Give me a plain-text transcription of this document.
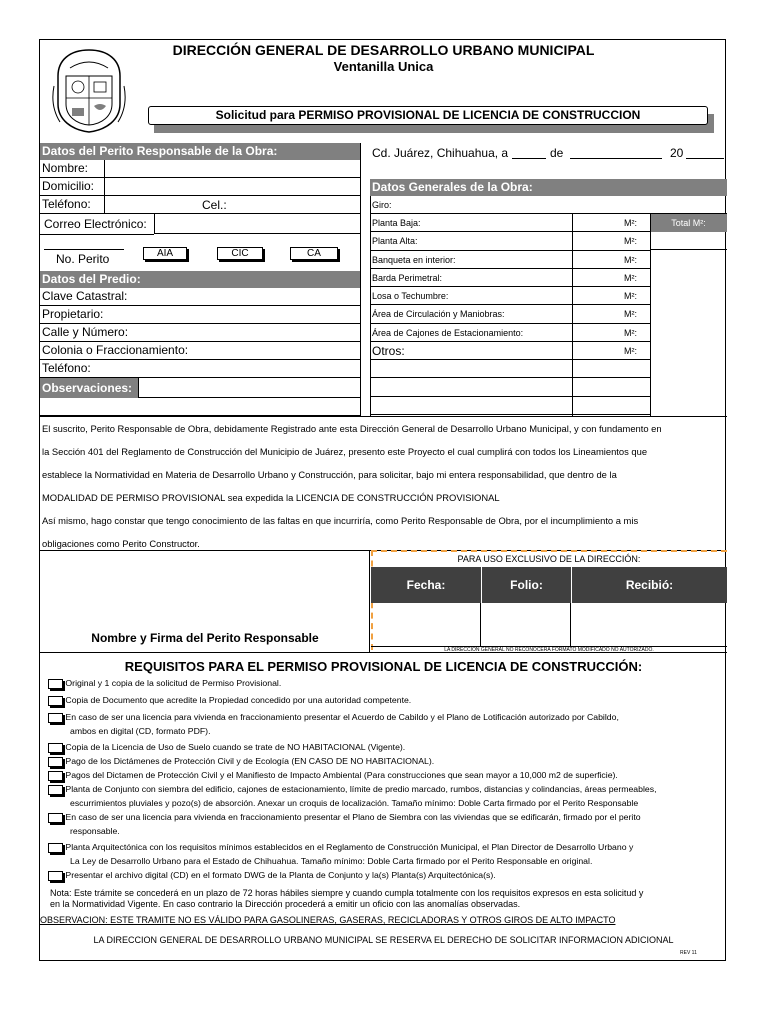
DIRECCIÓN GENERAL DE DESARROLLO URBANO MUNICIPAL
Ventanilla Unica
Solicitud para PERMISO PROVISIONAL DE LICENCIA DE CONSTRUCCION
Datos del Perito Responsable de la Obra:
Nombre:
Domicilio:
Teléfono:	Cel.:
Correo Electrónico:
No. Perito	AIA	CIC	CA
Datos del Predio:
Clave Catastral:
Propietario:
Calle y Número:
Colonia o Fraccionamiento:
Teléfono:
Observaciones:
Cd. Juárez, Chihuahua, a	de	20
Datos Generales de la Obra:
Giro:
Total M²:
El suscrito, Perito Responsable de Obra, debidamente Registrado ante esta Dirección General de Desarrollo Urbano Municipal, y con fundamento en
la Sección 401 del Reglamento de Construcción del Municipio de Juárez, presento este Proyecto el cual cumplirá con todos los Lineamientos que
establece la Normatividad en Materia de Desarrollo Urbano y Construcción, para solicitar, bajo mi entera responsabilidad, que dentro de la
MODALIDAD DE PERMISO PROVISIONAL sea expedida la LICENCIA DE CONSTRUCCIÓN PROVISIONAL
Así mismo, hago constar que tengo conocimiento de las faltas en que incurriría, como Perito Responsable de Obra, por el incumplimiento a mis
obligaciones como Perito Constructor.
Nombre y Firma del Perito Responsable
PARA USO EXCLUSIVO DE LA DIRECCIÓN:
Fecha:	Folio:	Recibió:
LA DIRECCION GENERAL NO RECONOCERA FORMATO MODIFICADO NO AUTORIZADO.
REQUISITOS PARA EL PERMISO PROVISIONAL DE LICENCIA DE CONSTRUCCIÓN:
Original y 1 copia de la solicitud de Permiso Provisional.
Copia de Documento que acredite la Propiedad concedido por una autoridad competente.
En caso de ser una licencia para vivienda en fraccionamiento presentar el Acuerdo de Cabildo y el Plano de Lotificación autorizado por Cabildo,
ambos en digital (CD, formato PDF).
Copia de la Licencia de Uso de Suelo cuando se trate de NO HABITACIONAL (Vigente).
Pago de los Dictámenes de Protección Civil y de Ecología (EN CASO DE NO HABITACIONAL).
Pagos del Dictamen de Protección Civil y el Manifiesto de Impacto Ambiental (Para construcciones que sean mayor a 10,000 m2 de superficie).
Planta de Conjunto con siembra del edificio, cajones de estacionamiento, límite de predio marcado, rumbos, distancias y colindancias, áreas permeables,
escurrimientos pluviales y pozo(s) de absorción. Anexar un croquis de localización. Tamaño mínimo: Doble Carta firmado por el Perito Responsable
En caso de ser una licencia para vivienda en fraccionamiento presentar el Plano de Siembra con las viviendas que se edificarán, firmado por el perito
responsable.
Planta Arquitectónica con los requisitos mínimos establecidos en el Reglamento de Construcción Municipal, el Plan Director de Desarrollo Urbano y
La Ley de Desarrollo Urbano para el Estado de Chihuahua. Tamaño mínimo: Doble Carta firmado por el Perito Responsable en original.
Presentar el archivo digital (CD) en el formato DWG de la Planta de Conjunto y la(s) Planta(s) Arquitectónica(s).
Nota: Este trámite se concederá en un plazo de 72 horas hábiles siempre y cuando cumpla totalmente con los requisitos expresos en esta solicitud y
en la Normatividad Vigente. En caso contrario la Dirección procederá a emitir un oficio con las anomalías observadas.
OBSERVACION: ESTE TRAMITE NO ES VÁLIDO PARA GASOLINERAS, GASERAS, RECICLADORAS Y OTROS GIROS DE ALTO IMPACTO
LA DIRECCION GENERAL DE DESARROLLO URBANO MUNICIPAL SE RESERVA EL DERECHO DE SOLICITAR INFORMACION ADICIONAL
REV 11
Planta Baja:	M²:
Planta Alta:	M²:
Banqueta en interior:	M²:
Barda Perimetral:	M²:
Losa o Techumbre:	M²:
Área de Circulación y Maniobras:	M²:
Área de Cajones de Estacionamiento:	M²:
Otros:	M²:
